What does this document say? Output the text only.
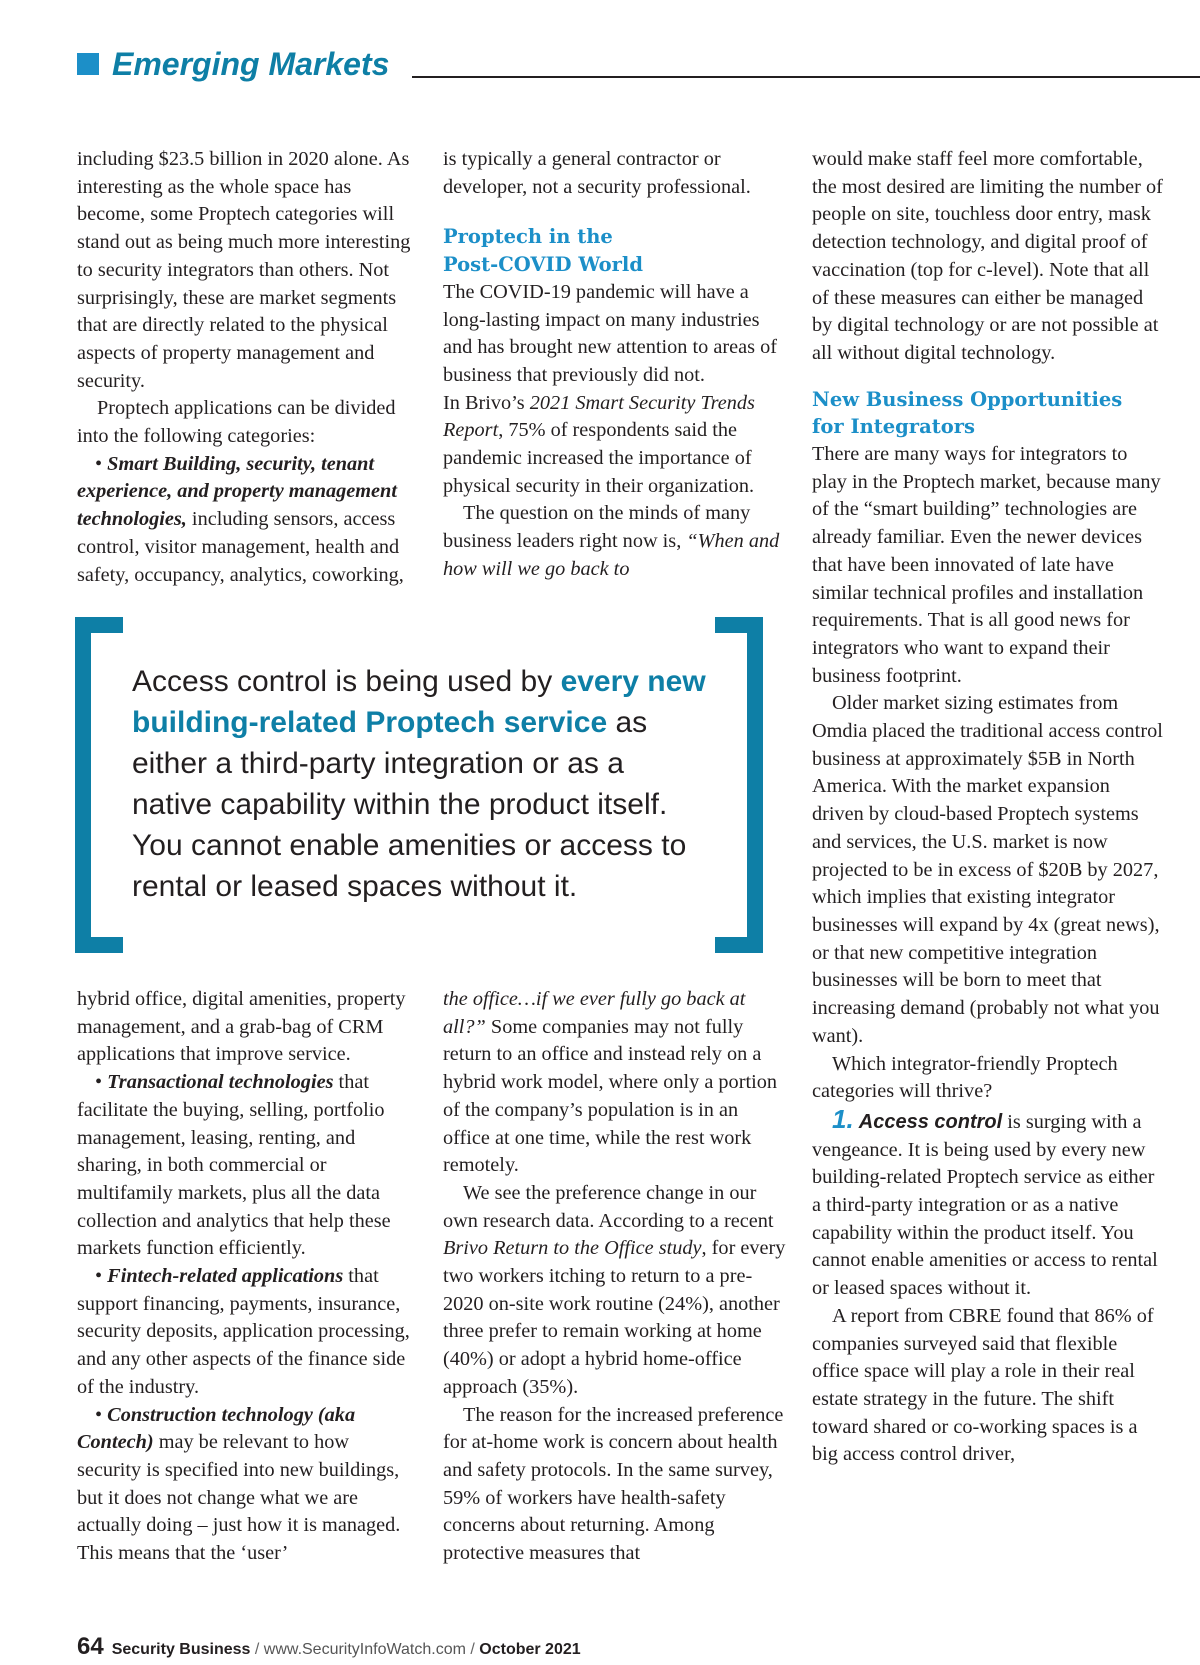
Emerging Markets

including $23.5 billion in 2020 alone. As interesting as the whole space has become, some Proptech categories will stand out as being much more interesting to security integrators than others. Not surprisingly, these are market segments that are directly related to the physical aspects of property management and security.

Proptech applications can be divided into the following categories:

• Smart Building, security, tenant experience, and property management technologies, including sensors, access control, visitor management, health and safety, occupancy, analytics, coworking,

is typically a general contractor or developer, not a security professional.

Proptech in the
Post-COVID World

The COVID-19 pandemic will have a long-lasting impact on many industries and has brought new attention to areas of business that previously did not.

In Brivo’s 2021 Smart Security Trends Report, 75% of respondents said the pandemic increased the importance of physical security in their organization.

The question on the minds of many business leaders right now is, “When and how will we go back to

Access control is being used by every new building-related Proptech service as either a third-party integration or as a native capability within the product itself. You cannot enable amenities or access to rental or leased spaces without it.

hybrid office, digital amenities, property management, and a grab-bag of CRM applications that improve service.

• Transactional technologies that facilitate the buying, selling, portfolio management, leasing, renting, and sharing, in both commercial or multifamily markets, plus all the data collection and analytics that help these markets function efficiently.

• Fintech-related applications that support financing, payments, insurance, security deposits, application processing, and any other aspects of the finance side of the industry.

• Construction technology (aka Contech) may be relevant to how security is specified into new buildings, but it does not change what we are actually doing – just how it is managed. This means that the ‘user’

the office…if we ever fully go back at all?” Some companies may not fully return to an office and instead rely on a hybrid work model, where only a portion of the company’s population is in an office at one time, while the rest work remotely.

We see the preference change in our own research data. According to a recent Brivo Return to the Office study, for every two workers itching to return to a pre-2020 on-site work routine (24%), another three prefer to remain working at home (40%) or adopt a hybrid home-office approach (35%).

The reason for the increased preference for at-home work is concern about health and safety protocols. In the same survey, 59% of workers have health-safety concerns about returning. Among protective measures that

would make staff feel more comfortable, the most desired are limiting the number of people on site, touchless door entry, mask detection technology, and digital proof of vaccination (top for c-level). Note that all of these measures can either be managed by digital technology or are not possible at all without digital technology.

New Business Opportunities
for Integrators

There are many ways for integrators to play in the Proptech market, because many of the “smart building” technologies are already familiar. Even the newer devices that have been innovated of late have similar technical profiles and installation requirements. That is all good news for integrators who want to expand their business footprint.

Older market sizing estimates from Omdia placed the traditional access control business at approximately $5B in North America. With the market expansion driven by cloud-based Proptech systems and services, the U.S. market is now projected to be in excess of $20B by 2027, which implies that existing integrator businesses will expand by 4x (great news), or that new competitive integration businesses will be born to meet that increasing demand (probably not what you want).

Which integrator-friendly Proptech categories will thrive?

1. Access control is surging with a vengeance. It is being used by every new building-related Proptech service as either a third-party integration or as a native capability within the product itself. You cannot enable amenities or access to rental or leased spaces without it.

A report from CBRE found that 86% of companies surveyed said that flexible office space will play a role in their real estate strategy in the future. The shift toward shared or co-working spaces is a big access control driver,

64 Security Business / www.SecurityInfoWatch.com / October 2021
